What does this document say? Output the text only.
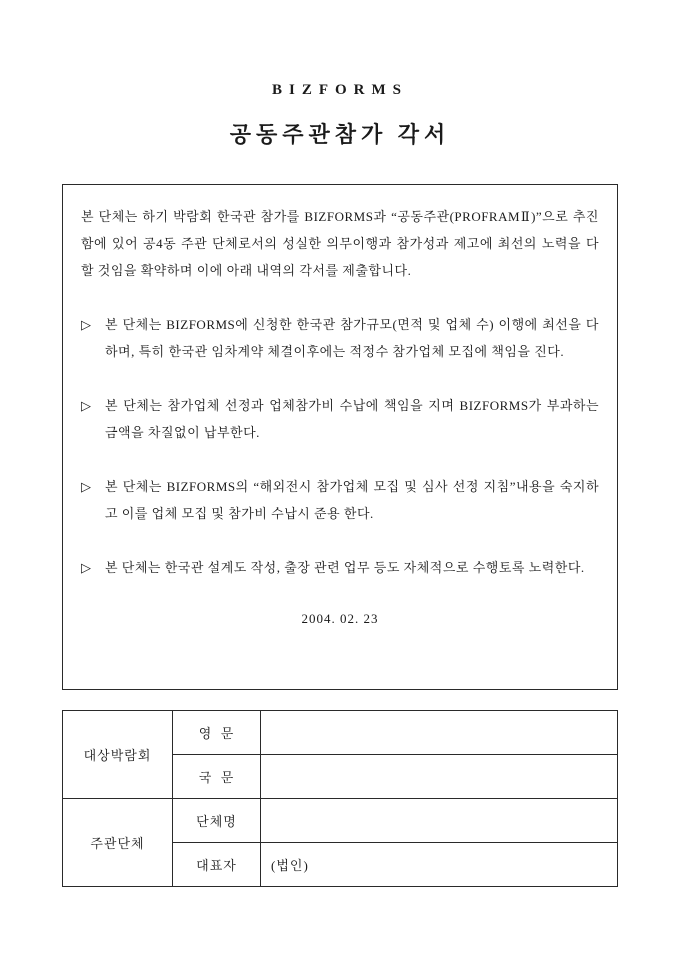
BIZFORMS
공동주관참가 각서
본 단체는 하기 박람회 한국관 참가를 BIZFORMS과 “공동주관(PROFRAMⅡ)”으로 추진함에 있어 공4동 주관 단체로서의 성실한 의무이행과 참가성과 제고에 최선의 노력을 다할 것임을 확약하며 이에 아래 내역의 각서를 제출합니다.
▷	본 단체는 BIZFORMS에 신청한 한국관 참가규모(면적 및 업체 수) 이행에 최선을 다하며, 특히 한국관 임차계약 체결이후에는 적정수 참가업체 모집에 책임을 진다.
▷	본 단체는 참가업체 선정과 업체참가비 수납에 책임을 지며 BIZFORMS가 부과하는 금액을 차질없이 납부한다.
▷	본 단체는 BIZFORMS의 “해외전시 참가업체 모집 및 심사 선정 지침”내용을 숙지하고 이를 업체 모집 및 참가비 수납시 준용 한다.
▷	본 단체는 한국관 설계도 작성, 출장 관련 업무 등도 자체적으로 수행토록 노력한다.
2004. 02. 23
대상박람회	영  문	
	국  문	
주관단체	단체명	
	대표자	(법인)
